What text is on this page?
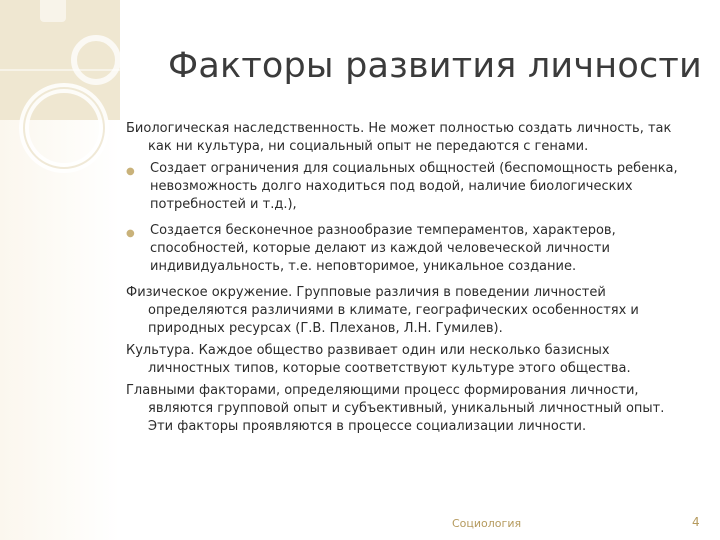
Факторы развития личности

Биологическая наследственность. Не может полностью создать личность, так как ни культура, ни социальный опыт не передаются с генами.

● Создает ограничения для социальных общностей (беспомощность ребенка, невозможность долго находиться под водой, наличие биологических потребностей и т.д.),
● Создается бесконечное разнообразие темпераментов, характеров, способностей, которые делают из каждой человеческой личности индивидуальность, т.е. неповторимое, уникальное создание.

Физическое окружение. Групповые различия в поведении личностей определяются различиями в климате, географических особенностях и природных ресурсах (Г.В. Плеханов, Л.Н. Гумилев).

Культура. Каждое общество развивает один или несколько базисных личностных типов, которые соответствуют культуре этого общества.

Главными факторами, определяющими процесс формирования личности, являются групповой опыт и субъективный, уникальный личностный опыт. Эти факторы проявляются в процессе социализации личности.

Социология	4
